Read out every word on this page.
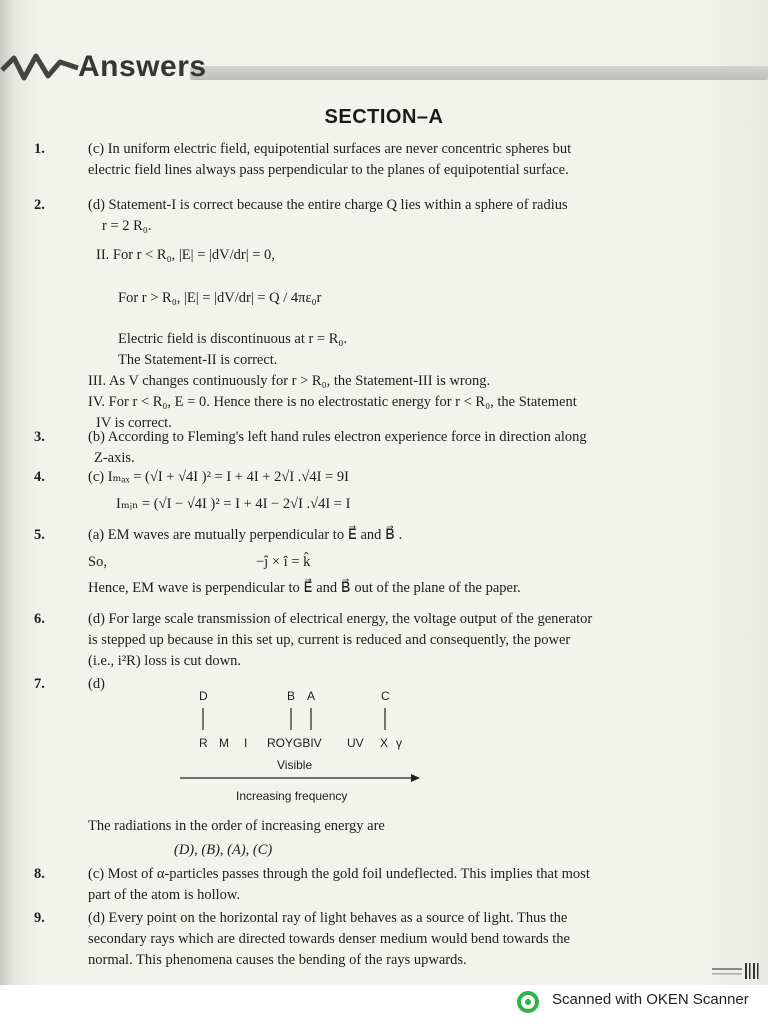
Answers
SECTION–A
1.	(c) In uniform electric field, equipotential surfaces are never concentric spheres but
electric field lines always pass perpendicular to the planes of equipotential surface.
2.	(d) Statement-I is correct because the entire charge Q lies within a sphere of radius
r = 2 R₀.
II. For r < R₀, |E| = |dV/dr| = 0,
For r > R₀, |E| = |dV/dr| = Q / 4πε₀r
Electric field is discontinuous at r = R₀.
The Statement-II is correct.
III. As V changes continuously for r > R₀, the Statement-III is wrong.
IV. For r < R₀, E = 0. Hence there is no electrostatic energy for r < R₀, the Statement
IV is correct.
3.	(b) According to Fleming's left hand rules electron experience force in direction along
Z-axis.
4.	(c) Iₘₐₓ = (√I + √4I )² = I + 4I + 2√I .√4I = 9I
Iₘᵢₙ = (√I − √4I )² = I + 4I − 2√I .√4I = I
5.	(a) EM waves are mutually perpendicular to E⃗ and B⃗ .
So,	−ĵ × î = k̂
Hence, EM wave is perpendicular to E⃗ and B⃗ out of the plane of the paper.
6.	(d) For large scale transmission of electrical energy, the voltage output of the generator
is stepped up because in this set up, current is reduced and consequently, the power
(i.e., i²R) loss is cut down.
7.	(d)
D	B A	C
R M I ROYGBIV UV X γ
Visible
Increasing frequency
The radiations in the order of increasing energy are
(D), (B), (A), (C)
8.	(c) Most of α-particles passes through the gold foil undeflected. This implies that most
part of the atom is hollow.
9.	(d) Every point on the horizontal ray of light behaves as a source of light. Thus the
secondary rays which are directed towards denser medium would bend towards the
normal. This phenomena causes the bending of the rays upwards.
Scanned with OKEN Scanner
